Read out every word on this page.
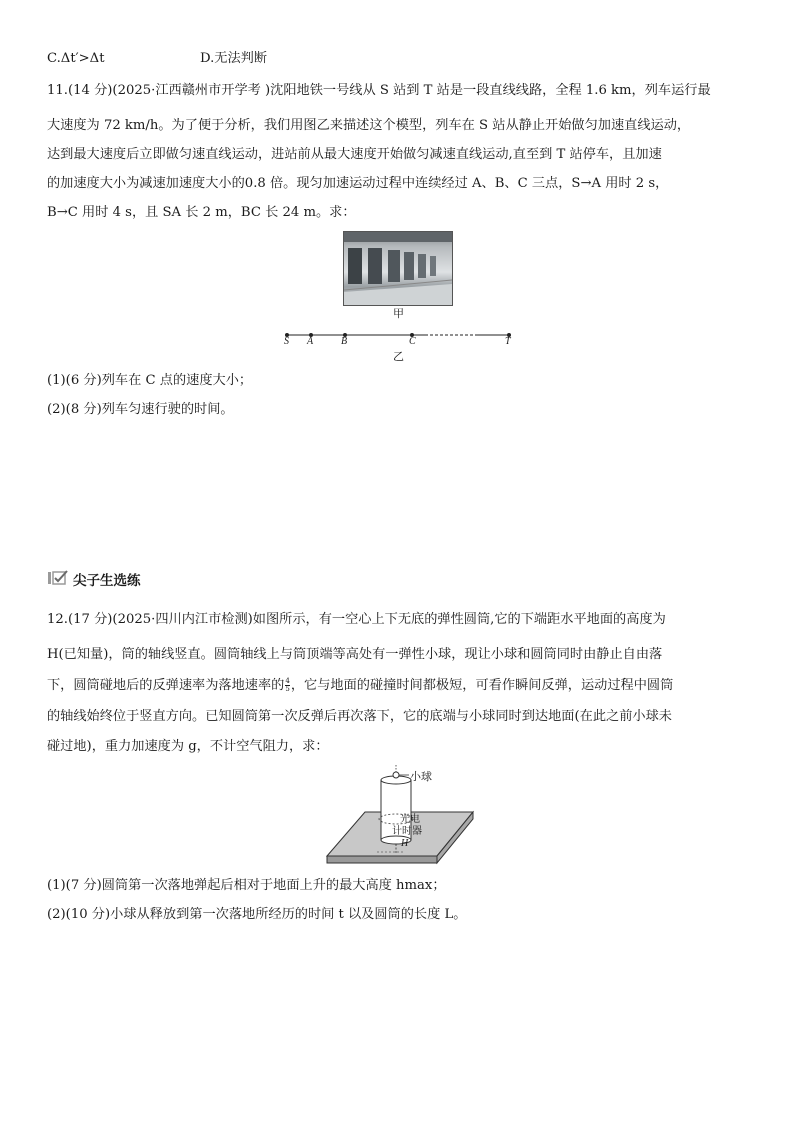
C.Δt′>Δt	D.无法判断
11.(14 分)(2025·江西赣州市开学考 )沈阳地铁一号线从 S 站到 T 站是一段直线线路，全程 1.6 km，列车运行最
大速度为 72 km/h。为了便于分析，我们用图乙来描述这个模型，列车在 S 站从静止开始做匀加速直线运动，
达到最大速度后立即做匀速直线运动，进站前从最大速度开始做匀减速直线运动,直至到 T 站停车，且加速
的加速度大小为减速加速度大小的0.8 倍。现匀加速运动过程中连续经过 A、B、C 三点，S→A 用时 2 s，
B→C 用时 4 s，且 SA 长 2 m，BC 长 24 m。求：
甲
S A	B	C	T
乙
(1)(6 分)列车在 C 点的速度大小；
(2)(8 分)列车匀速行驶的时间。
尖子生选练
12.(17 分)(2025·四川内江市检测)如图所示，有一空心上下无底的弹性圆筒,它的下端距水平地面的高度为
H(已知量)，筒的轴线竖直。圆筒轴线上与筒顶端等高处有一弹性小球，现让小球和圆筒同时由静止自由落
下，圆筒碰地后的反弹速率为落地速率的 $\frac{4}{5}$ ，它与地面的碰撞时间都极短，可看作瞬间反弹，运动过程中圆筒
的轴线始终位于竖直方向。已知圆筒第一次反弹后再次落下，它的底端与小球同时到达地面(在此之前小球未
碰过地)，重力加速度为 g，不计空气阻力，求：
小球
光电
计时器
H
(1)(7 分)圆筒第一次落地弹起后相对于地面上升的最大高度 hmax；
(2)(10 分)小球从释放到第一次落地所经历的时间 t 以及圆筒的长度 L。
